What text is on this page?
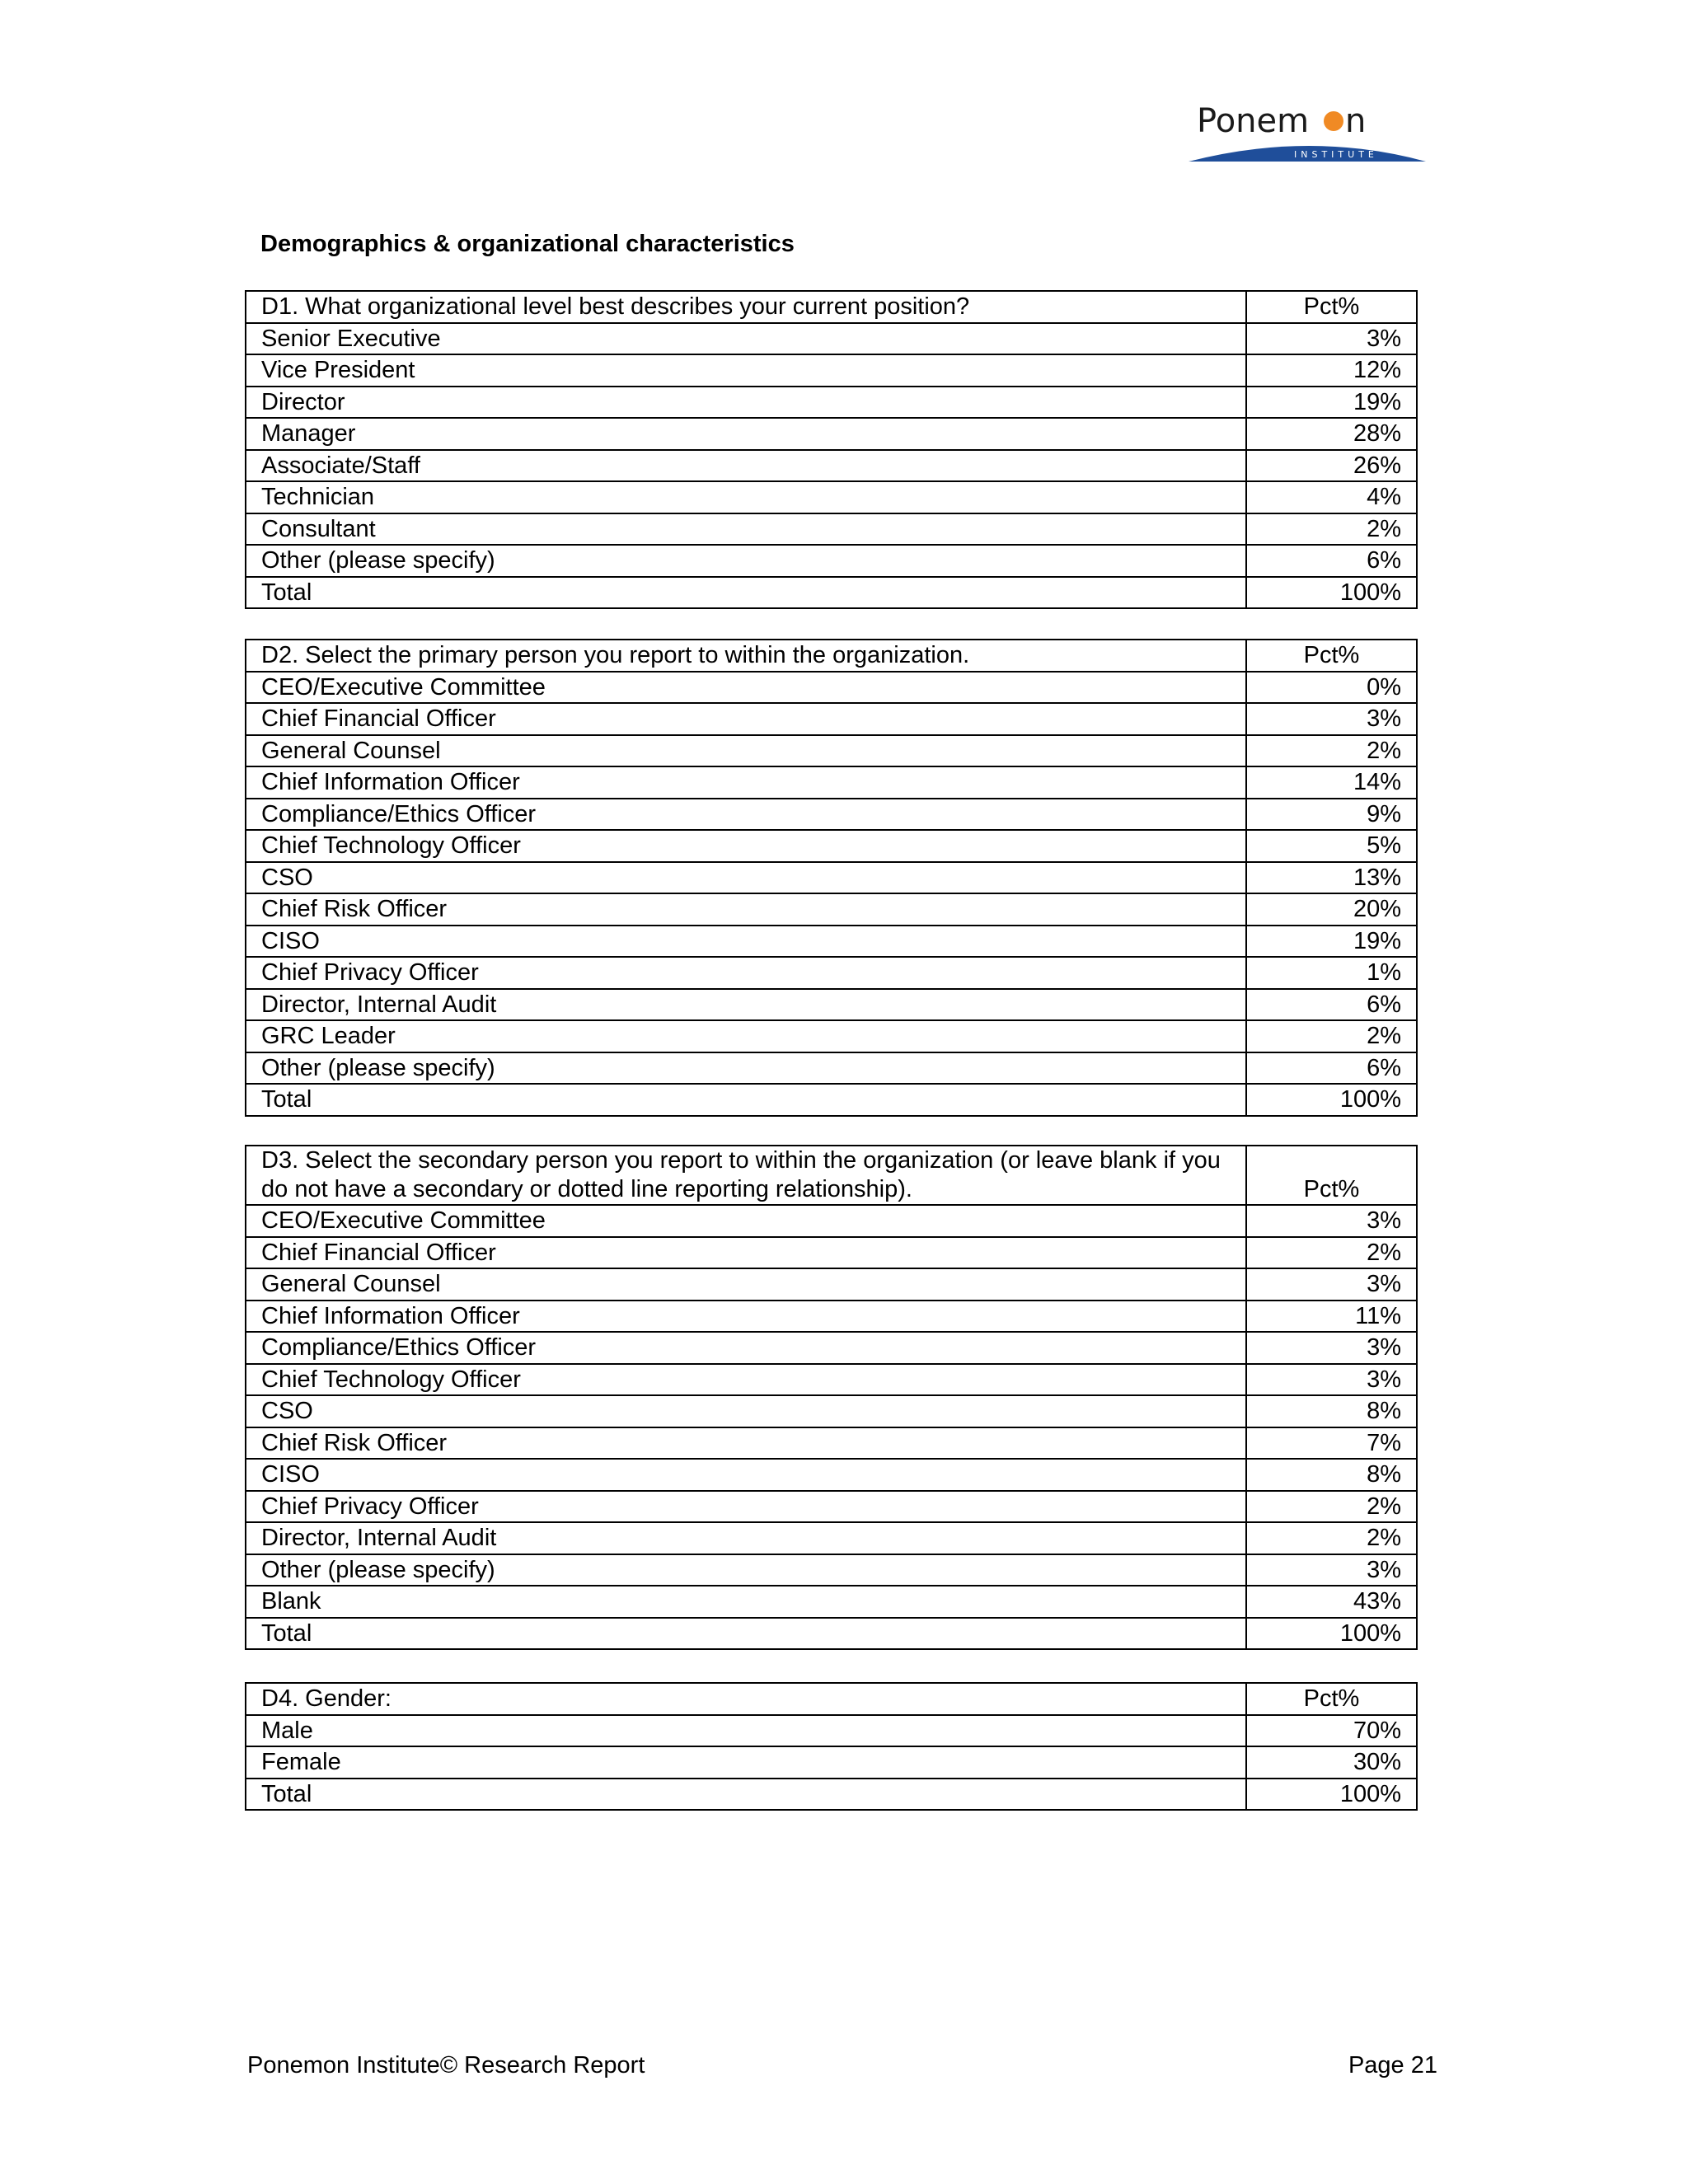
Ponem n
INSTITUTE
Demographics & organizational characteristics
D1. What organizational level best describes your current position?	Pct%
Senior Executive	3%
Vice President	12%
Director	19%
Manager	28%
Associate/Staff	26%
Technician	4%
Consultant	2%
Other (please specify)	6%
Total	100%
D2. Select the primary person you report to within the organization.	Pct%
CEO/Executive Committee	0%
Chief Financial Officer	3%
General Counsel	2%
Chief Information Officer	14%
Compliance/Ethics Officer	9%
Chief Technology Officer	5%
CSO	13%
Chief Risk Officer	20%
CISO	19%
Chief Privacy Officer	1%
Director, Internal Audit	6%
GRC Leader	2%
Other (please specify)	6%
Total	100%
D3. Select the secondary person you report to within the organization (or leave blank if you do not have a secondary or dotted line reporting relationship).	Pct%
CEO/Executive Committee	3%
Chief Financial Officer	2%
General Counsel	3%
Chief Information Officer	11%
Compliance/Ethics Officer	3%
Chief Technology Officer	3%
CSO	8%
Chief Risk Officer	7%
CISO	8%
Chief Privacy Officer	2%
Director, Internal Audit	2%
Other (please specify)	3%
Blank	43%
Total	100%
D4. Gender:	Pct%
Male	70%
Female	30%
Total	100%
Ponemon Institute© Research Report	Page 21
